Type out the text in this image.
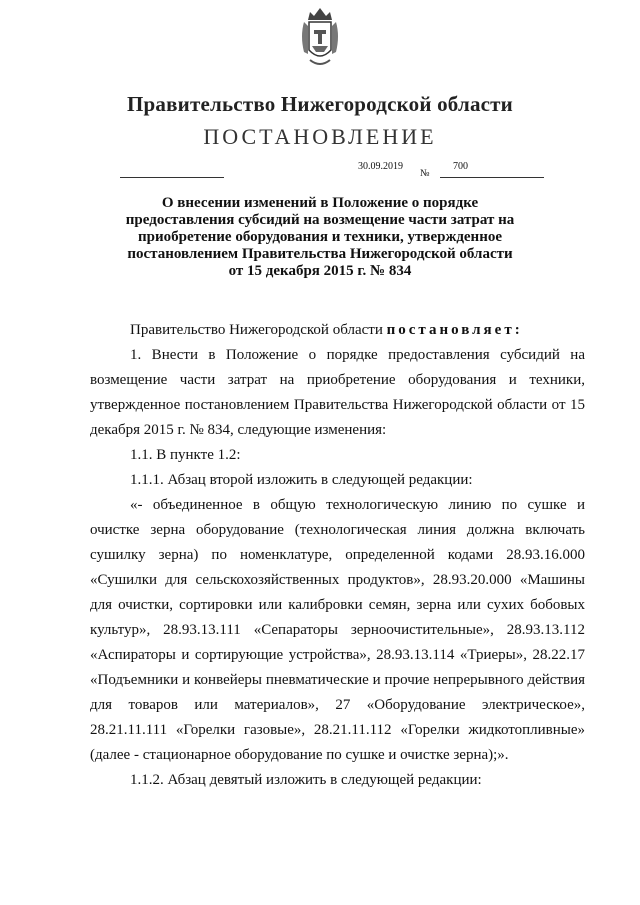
Правительство Нижегородской области
ПОСТАНОВЛЕНИЕ
30.09.2019
№
700
О внесении изменений в Положение о порядке
предоставления субсидий на возмещение части затрат на
приобретение оборудования и техники, утвержденное
постановлением Правительства Нижегородской области
от 15 декабря 2015 г. № 834

Правительство Нижегородской области постановляет:

1. Внести в Положение о порядке предоставления субсидий на возмещение части затрат на приобретение оборудования и техники, утвержденное постановлением Правительства Нижегородской области от 15 декабря 2015 г. № 834, следующие изменения:

1.1. В пункте 1.2:

1.1.1. Абзац второй изложить в следующей редакции:

«- объединенное в общую технологическую линию по сушке и очистке зерна оборудование (технологическая линия должна включать сушилку зерна) по номенклатуре, определенной кодами 28.93.16.000 «Сушилки для сельскохозяйственных продуктов», 28.93.20.000 «Машины для очистки, сортировки или калибровки семян, зерна или сухих бобовых культур», 28.93.13.111 «Сепараторы зерноочистительные», 28.93.13.112 «Аспираторы и сортирующие устройства», 28.93.13.114 «Триеры», 28.22.17 «Подъемники и конвейеры пневматические и прочие непрерывного действия для товаров или материалов», 27 «Оборудование электрическое», 28.21.11.111 «Горелки газовые», 28.21.11.112 «Горелки жидкотопливные» (далее - стационарное оборудование по сушке и очистке зерна);».

1.1.2. Абзац девятый изложить в следующей редакции:
